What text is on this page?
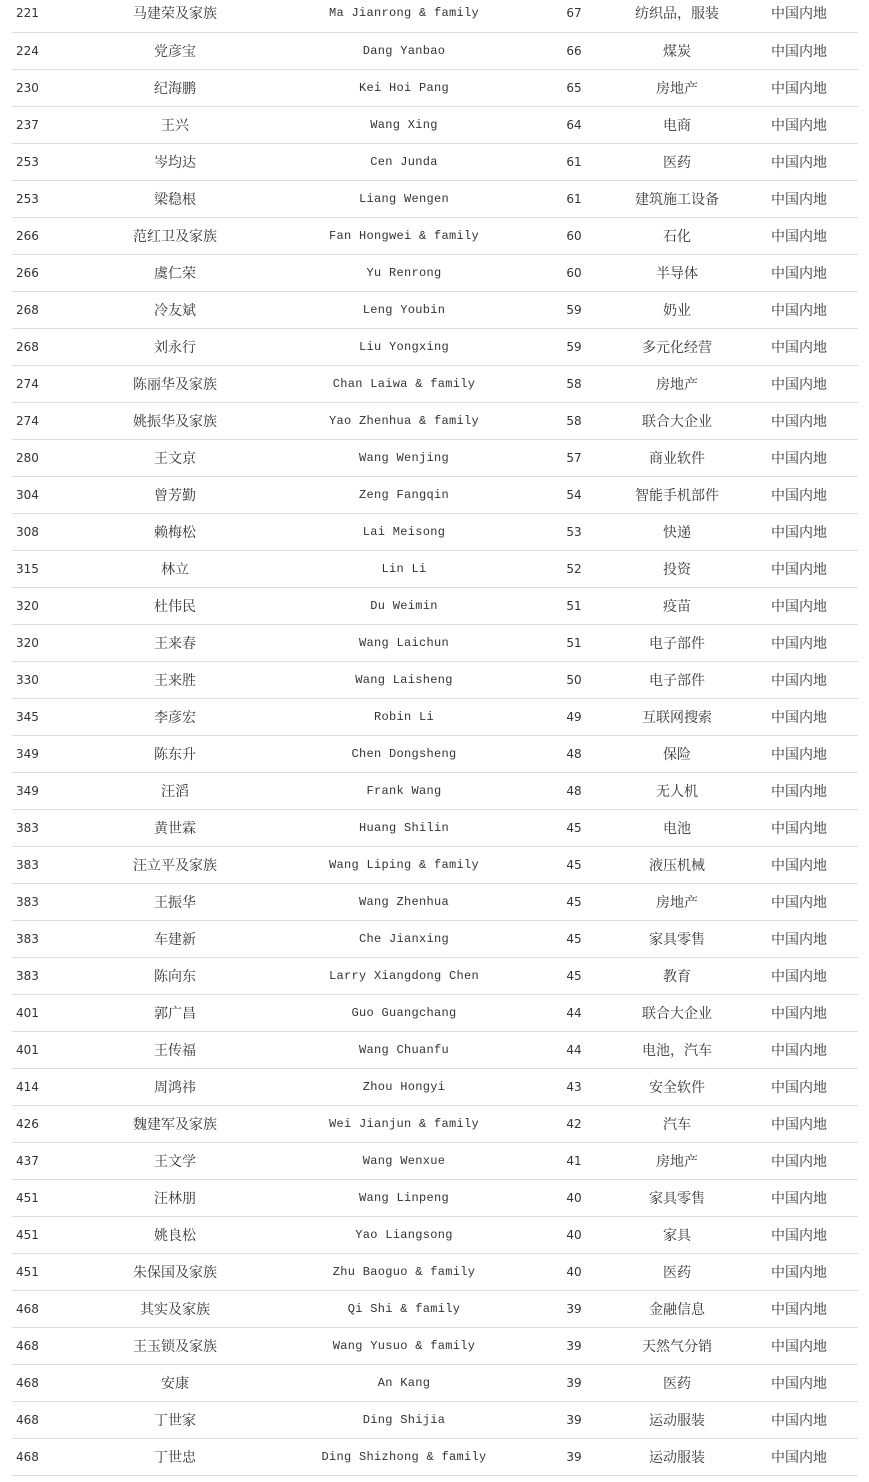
221	马建荣及家族	Ma Jianrong & family	67	纺织品，服装	中国内地
224	党彦宝	Dang Yanbao	66	煤炭	中国内地
230	纪海鹏	Kei Hoi Pang	65	房地产	中国内地
237	王兴	Wang Xing	64	电商	中国内地
253	岑均达	Cen Junda	61	医药	中国内地
253	梁稳根	Liang Wengen	61	建筑施工设备	中国内地
266	范红卫及家族	Fan Hongwei & family	60	石化	中国内地
266	虞仁荣	Yu Renrong	60	半导体	中国内地
268	冷友斌	Leng Youbin	59	奶业	中国内地
268	刘永行	Liu Yongxing	59	多元化经营	中国内地
274	陈丽华及家族	Chan Laiwa & family	58	房地产	中国内地
274	姚振华及家族	Yao Zhenhua & family	58	联合大企业	中国内地
280	王文京	Wang Wenjing	57	商业软件	中国内地
304	曾芳勤	Zeng Fangqin	54	智能手机部件	中国内地
308	赖梅松	Lai Meisong	53	快递	中国内地
315	林立	Lin Li	52	投资	中国内地
320	杜伟民	Du Weimin	51	疫苗	中国内地
320	王来春	Wang Laichun	51	电子部件	中国内地
330	王来胜	Wang Laisheng	50	电子部件	中国内地
345	李彦宏	Robin Li	49	互联网搜索	中国内地
349	陈东升	Chen Dongsheng	48	保险	中国内地
349	汪滔	Frank Wang	48	无人机	中国内地
383	黄世霖	Huang Shilin	45	电池	中国内地
383	汪立平及家族	Wang Liping & family	45	液压机械	中国内地
383	王振华	Wang Zhenhua	45	房地产	中国内地
383	车建新	Che Jianxing	45	家具零售	中国内地
383	陈向东	Larry Xiangdong Chen	45	教育	中国内地
401	郭广昌	Guo Guangchang	44	联合大企业	中国内地
401	王传福	Wang Chuanfu	44	电池，汽车	中国内地
414	周鸿祎	Zhou Hongyi	43	安全软件	中国内地
426	魏建军及家族	Wei Jianjun & family	42	汽车	中国内地
437	王文学	Wang Wenxue	41	房地产	中国内地
451	汪林朋	Wang Linpeng	40	家具零售	中国内地
451	姚良松	Yao Liangsong	40	家具	中国内地
451	朱保国及家族	Zhu Baoguo & family	40	医药	中国内地
468	其实及家族	Qi Shi & family	39	金融信息	中国内地
468	王玉锁及家族	Wang Yusuo & family	39	天然气分销	中国内地
468	安康	An Kang	39	医药	中国内地
468	丁世家	Ding Shijia	39	运动服装	中国内地
468	丁世忠	Ding Shizhong & family	39	运动服装	中国内地
